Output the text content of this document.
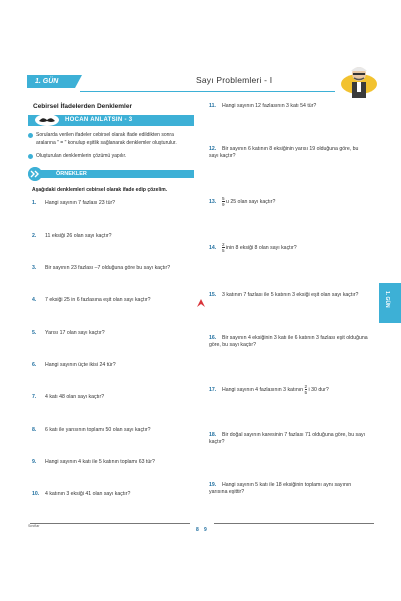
1. GÜN	Sayı Problemleri - I
Cebirsel İfadelerden Denklemler
HOCAN ANLATSIN - 3
Sorularda verilen ifadeler cebirsel olarak ifade edildikten sonra aralarına " = " konulup eşitlik sağlanarak denklemler oluşturulur.
Oluşturulan denklemlerin çözümü yapılır.
ÖRNEKLER
Aşağıdaki denklemleri cebirsel olarak ifade edip çözelim.
1. Hangi sayının 7 fazlası 23 tür?
2. 11 eksiği 26 olan sayı kaçtır?
3. Bir sayının 23 fazlası –7 olduğuna göre bu sayı kaçtır?
4. 7 eksiği 25 in 6 fazlasına eşit olan sayı kaçtır?
5. Yarısı 17 olan sayı kaçtır?
6. Hangi sayının üçte ikisi 24 tür?
7. 4 katı 48 olan sayı kaçtır?
8. 6 katı ile yarısının toplamı 50 olan sayı kaçtır?
9. Hangi sayının 4 katı ile 5 katının toplamı 63 tür?
10. 4 katının 3 eksiği 41 olan sayı kaçtır?
11. Hangi sayının 12 fazlasının 3 katı 54 tür?
12. Bir sayının 6 katının 8 eksiğinin yarısı 19 olduğuna göre, bu sayı kaçtır?
13. $\frac{5}{9}$ u 25 olan sayı kaçtır?
14. $\frac{2}{5}$ inin 8 eksiği 8 olan sayı kaçtır?
15. 3 katının 7 fazlası ile 5 katının 3 eksiği eşit olan sayı kaçtır?
16. Bir sayının 4 eksiğinin 3 katı ile 6 katının 3 fazlası eşit olduğuna göre, bu sayı kaçtır?
17. Hangi sayının 4 fazlasının 3 katının $\frac{2}{5}$ i 30 dur?
18. Bir doğal sayının karesinin 7 fazlası 71 olduğuna göre, bu sayı kaçtır?
19. Hangi sayının 5 katı ile 18 eksiğinin toplamı aynı sayının yarısına eşittir?
1. GÜN
Sınıflar
8 9
